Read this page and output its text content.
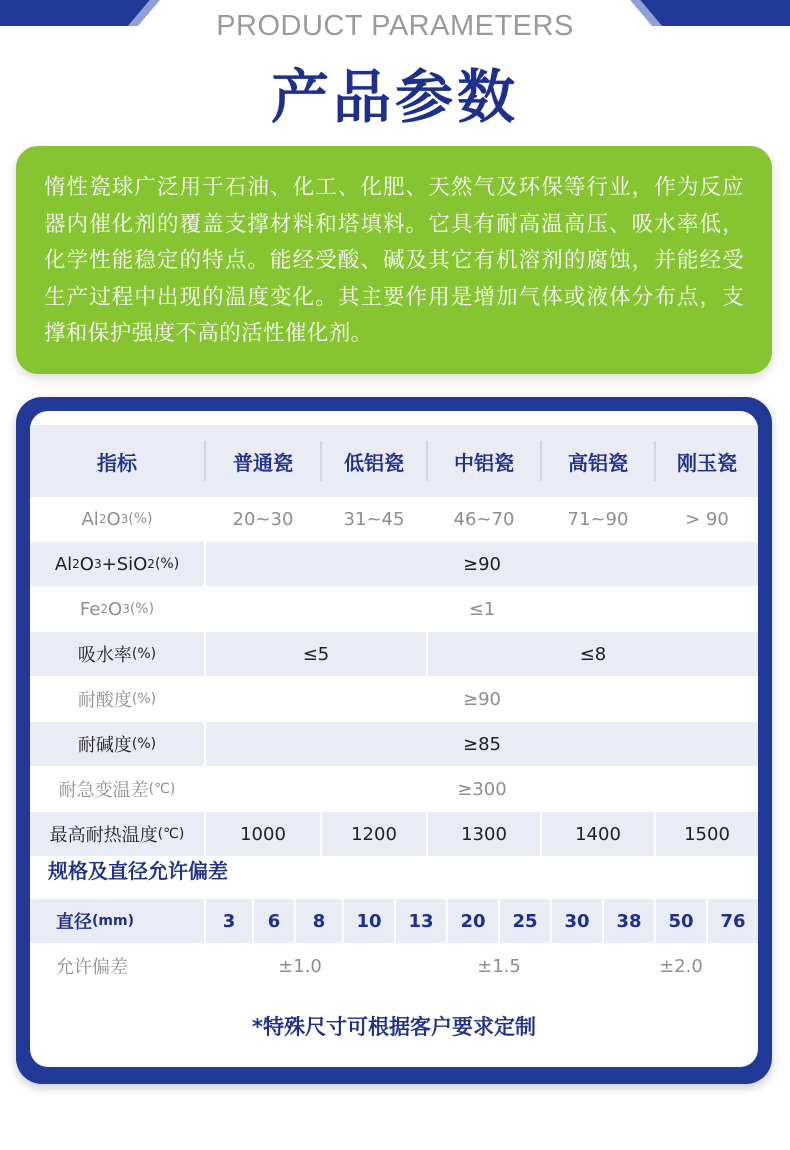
PRODUCT PARAMETERS
产品参数

惰性瓷球广泛用于石油、化工、化肥、天然气及环保等行业，作为反应器内催化剂的覆盖支撑材料和塔填料。它具有耐高温高压、吸水率低，化学性能稳定的特点。能经受酸、碱及其它有机溶剂的腐蚀，并能经受生产过程中出现的温度变化。其主要作用是增加气体或液体分布点，支撑和保护强度不高的活性催化剂。

指标	普通瓷	低铝瓷	中铝瓷	高铝瓷	刚玉瓷
Al 2 O 3 (%)	20~30	31~45	46~70	71~90	> 90
Al 2 O 3 +SiO 2 (%)	≥90
Fe 2 O 3 (%)	≤1
吸水率 (%)	≤5	≤8
耐酸度 (%)	≥90
耐碱度 (%)	≥85
耐急变温差 (℃)	≥300
最高耐热温度 (℃)	1000	1200	1300	1400	1500
规格及直径允许偏差
直径 (mm)	3	6	8	10	13	20	25	30	38	50	76
允许偏差	±1.0	±1.5	±2.0
*特殊尺寸可根据客户要求定制
